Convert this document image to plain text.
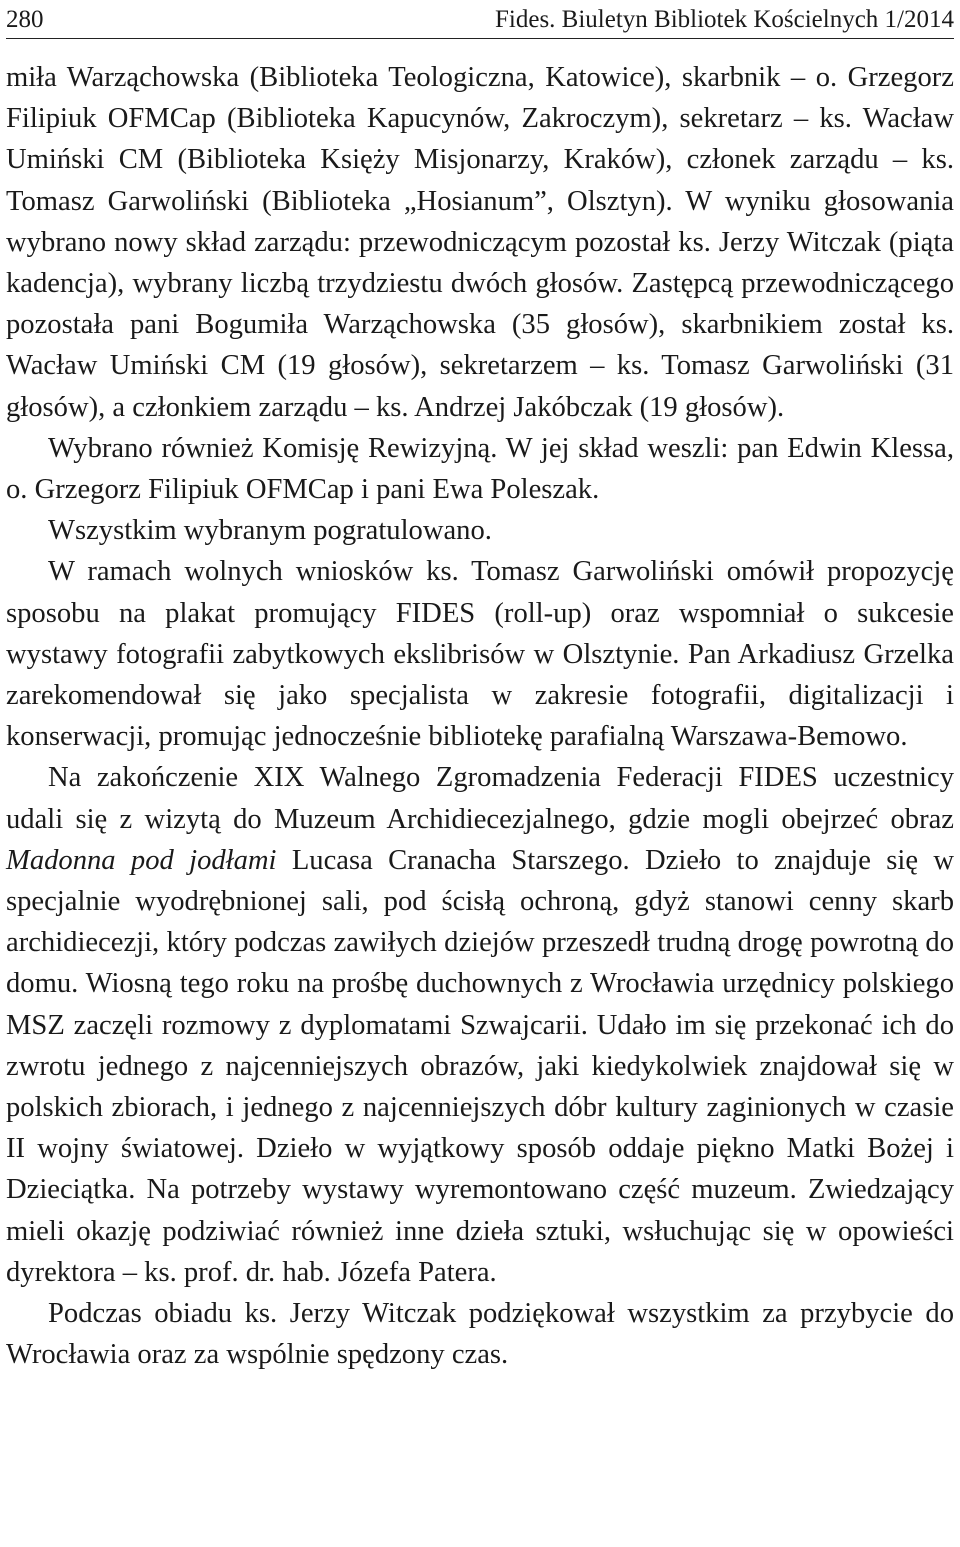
280	Fides. Biuletyn Bibliotek Kościelnych 1/2014

miła Warząchowska (Biblioteka Teologiczna, Katowice), skarbnik – o. Grzegorz Filipiuk OFMCap (Biblioteka Kapucynów, Zakroczym), sekretarz – ks. Wacław Umiński CM (Biblioteka Księży Misjonarzy, Kraków), członek zarządu – ks. Tomasz Garwoliński (Biblioteka „Hosianum”, Olsztyn). W wyniku głosowania wybrano nowy skład zarządu: przewodniczącym pozostał ks. Jerzy Witczak (piąta kadencja), wybrany liczbą trzydziestu dwóch głosów. Zastępcą przewodniczącego pozostała pani Bogumiła Warząchowska (35 głosów), skarbnikiem został ks. Wacław Umiński CM (19 głosów), sekretarzem – ks. Tomasz Garwoliński (31 głosów), a członkiem zarządu – ks. Andrzej Jakóbczak (19 głosów).

Wybrano również Komisję Rewizyjną. W jej skład weszli: pan Edwin Klessa, o. Grzegorz Filipiuk OFMCap i pani Ewa Poleszak.

Wszystkim wybranym pogratulowano.

W ramach wolnych wniosków ks. Tomasz Garwoliński omówił propozycję sposobu na plakat promujący FIDES (roll-up) oraz wspomniał o sukcesie wystawy fotografii zabytkowych ekslibrisów w Olsztynie. Pan Arkadiusz Grzelka zarekomendował się jako specjalista w zakresie fotografii, digitalizacji i konserwacji, promując jednocześnie bibliotekę parafialną Warszawa-Bemowo.

Na zakończenie XIX Walnego Zgromadzenia Federacji FIDES uczestnicy udali się z wizytą do Muzeum Archidiecezjalnego, gdzie mogli obejrzeć obraz Madonna pod jodłami Lucasa Cranacha Starszego. Dzieło to znajduje się w specjalnie wyodrębnionej sali, pod ścisłą ochroną, gdyż stanowi cenny skarb archidiecezji, który podczas zawiłych dziejów przeszedł trudną drogę powrotną do domu. Wiosną tego roku na prośbę duchownych z Wrocławia urzędnicy polskiego MSZ zaczęli rozmowy z dyplomatami Szwajcarii. Udało im się przekonać ich do zwrotu jednego z najcenniejszych obrazów, jaki kiedykolwiek znajdował się w polskich zbiorach, i jednego z najcenniejszych dóbr kultury zaginionych w czasie II wojny światowej. Dzieło w wyjątkowy sposób oddaje piękno Matki Bożej i Dzieciątka. Na potrzeby wystawy wyremontowano część muzeum. Zwiedzający mieli okazję podziwiać również inne dzieła sztuki, wsłuchując się w opowieści dyrektora – ks. prof. dr. hab. Józefa Patera.

Podczas obiadu ks. Jerzy Witczak podziękował wszystkim za przybycie do Wrocławia oraz za wspólnie spędzony czas.
